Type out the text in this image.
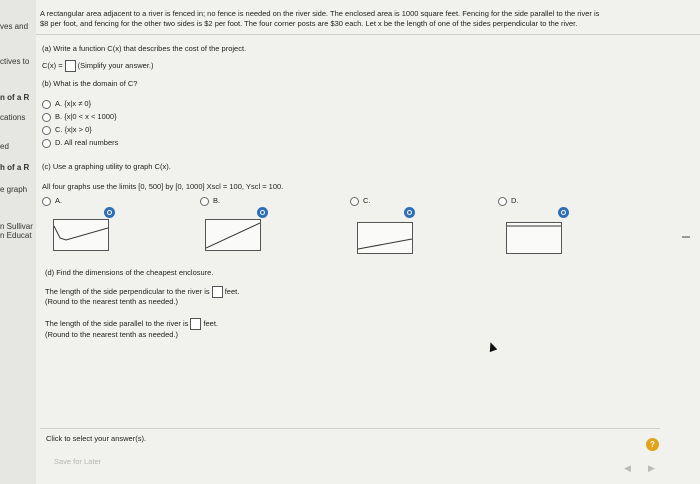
ves and
ctives to
n of a R
cations
ed
h of a R
e graph
n Sullivar
n Educat
A rectangular area adjacent to a river is fenced in; no fence is needed on the river side. The enclosed area is 1000 square feet. Fencing for the side parallel to the river is
$8 per foot, and fencing for the other two sides is $2 per foot. The four corner posts are $30 each. Let x be the length of one of the sides perpendicular to the river.
(a) Write a function C(x) that describes the cost of the project.
C(x) = (Simplify your answer.)
(b) What is the domain of C?
A. {x|x ≠ 0}
B. {x|0 < x < 1000}
C. {x|x > 0}
D. All real numbers
(c) Use a graphing utility to graph C(x).
All four graphs use the limits [0, 500] by [0, 1000] Xscl = 100, Yscl = 100.
A.	B.	C.	D.
(d) Find the dimensions of the cheapest enclosure.
The length of the side perpendicular to the river is feet.
(Round to the nearest tenth as needed.)
The length of the side parallel to the river is feet.
(Round to the nearest tenth as needed.)
Click to select your answer(s).
Save for Later
?
◀ ▶
